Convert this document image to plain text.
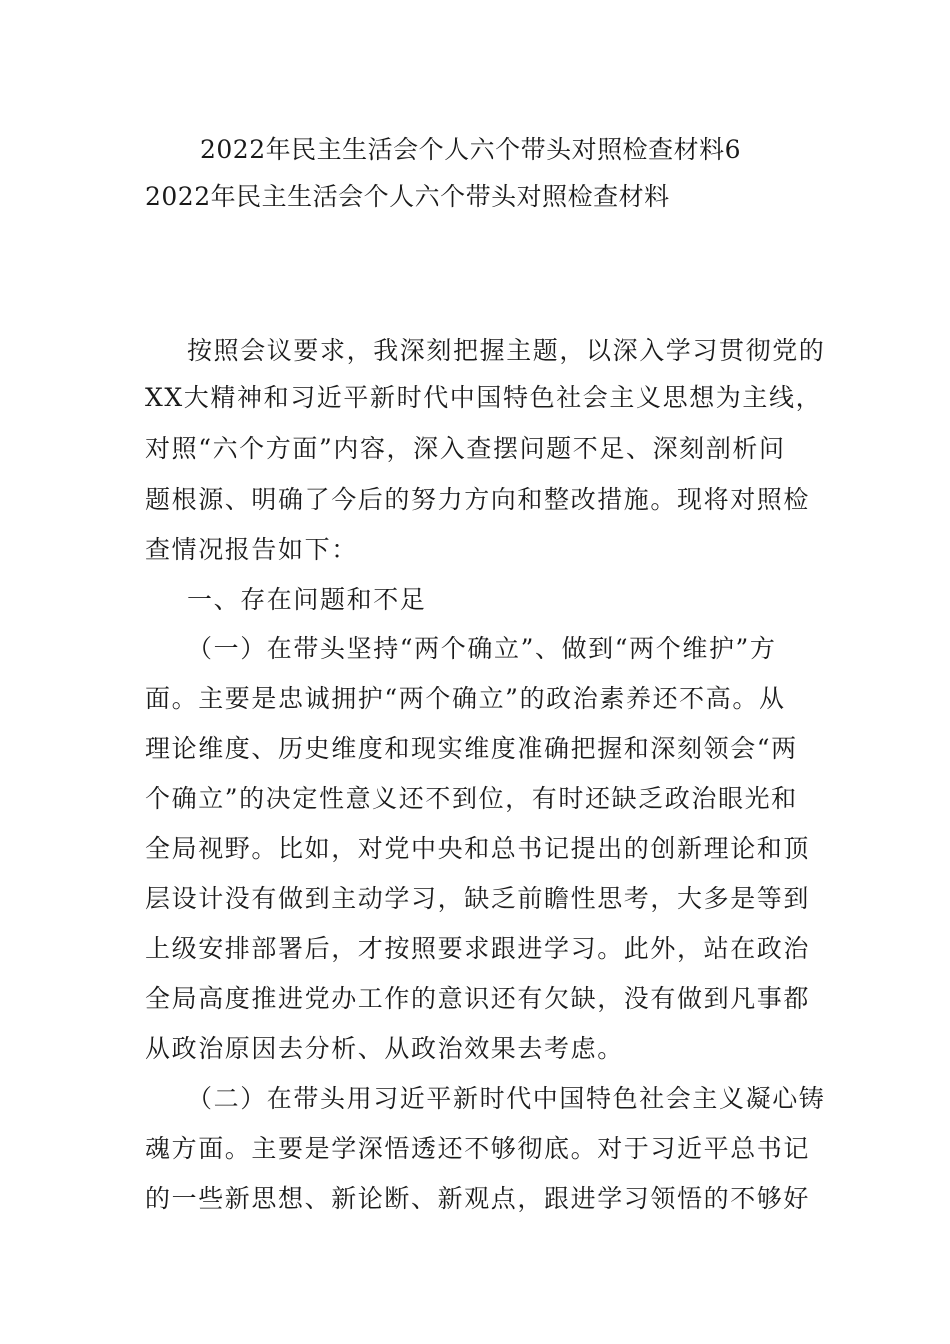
2022年民主生活会个人六个带头对照检查材料6
2022年民主生活会个人六个带头对照检查材料
按照会议要求，我深刻把握主题，以深入学习贯彻党的
XX大精神和习近平新时代中国特色社会主义思想为主线，
对照“六个方面”内容，深入查摆问题不足、深刻剖析问
题根源、明确了今后的努力方向和整改措施。现将对照检
查情况报告如下：
一、存在问题和不足
（一）在带头坚持“两个确立”、做到“两个维护”方
面。主要是忠诚拥护“两个确立”的政治素养还不高。从
理论维度、历史维度和现实维度准确把握和深刻领会“两
个确立”的决定性意义还不到位，有时还缺乏政治眼光和
全局视野。比如，对党中央和总书记提出的创新理论和顶
层设计没有做到主动学习，缺乏前瞻性思考，大多是等到
上级安排部署后，才按照要求跟进学习。此外，站在政治
全局高度推进党办工作的意识还有欠缺，没有做到凡事都
从政治原因去分析、从政治效果去考虑。
（二）在带头用习近平新时代中国特色社会主义凝心铸
魂方面。主要是学深悟透还不够彻底。对于习近平总书记
的一些新思想、新论断、新观点，跟进学习领悟的不够好
